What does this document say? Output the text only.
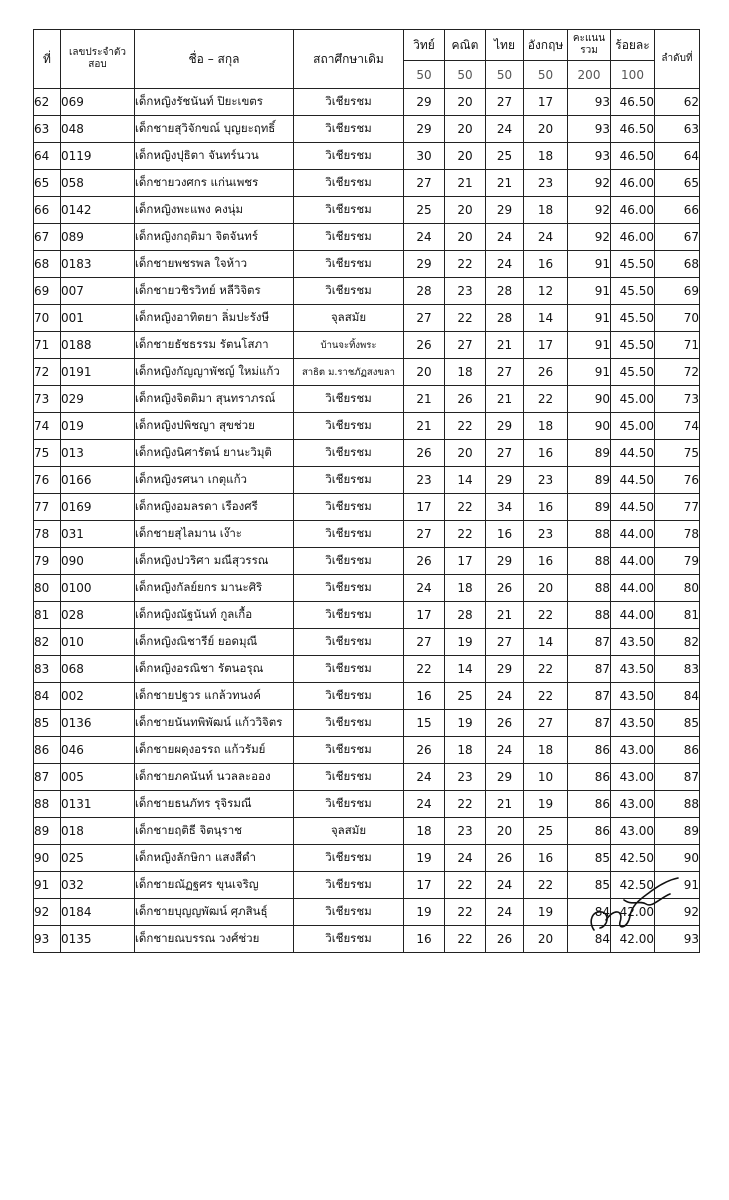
ที่	เลขประจำตัวสอบ	ชื่อ – สกุล	สถาศึกษาเดิม	วิทย์	คณิต	ไทย	อังกฤษ	คะแนนรวม	ร้อยละ	ลำดับที่
				50	50	50	50	200	100	
62	069	เด็กหญิงรัชนันท์ ปิยะเขตร	วิเชียรชม	29	20	27	17	93	46.50	62
63	048	เด็กชายสุวิจักขณ์ บุญยะฤทธิ์	วิเชียรชม	29	20	24	20	93	46.50	63
64	0119	เด็กหญิงปุธิตา จันทร์นวน	วิเชียรชม	30	20	25	18	93	46.50	64
65	058	เด็กชายวงศกร แก่นเพชร	วิเชียรชม	27	21	21	23	92	46.00	65
66	0142	เด็กหญิงพะแพง คงนุ่ม	วิเชียรชม	25	20	29	18	92	46.00	66
67	089	เด็กหญิงกฤติมา จิตจันทร์	วิเชียรชม	24	20	24	24	92	46.00	67
68	0183	เด็กชายพชรพล ใจห้าว	วิเชียรชม	29	22	24	16	91	45.50	68
69	007	เด็กชายวชิรวิทย์ หลีวิจิตร	วิเชียรชม	28	23	28	12	91	45.50	69
70	001	เด็กหญิงอาทิตยา ลิ่มปะรังษี	จุลสมัย	27	22	28	14	91	45.50	70
71	0188	เด็กชายธัชธรรม รัตนโสภา	บ้านจะทิ้งพระ	26	27	21	17	91	45.50	71
72	0191	เด็กหญิงกัญญาพัชญ์ ใหม่แก้ว	สาธิต ม.ราชภัฏสงขลา	20	18	27	26	91	45.50	72
73	029	เด็กหญิงจิตติมา สุนทราภรณ์	วิเชียรชม	21	26	21	22	90	45.00	73
74	019	เด็กหญิงปพิชญา สุขช่วย	วิเชียรชม	21	22	29	18	90	45.00	74
75	013	เด็กหญิงนิศารัตน์ ยานะวิมุติ	วิเชียรชม	26	20	27	16	89	44.50	75
76	0166	เด็กหญิงรศนา เกตุแก้ว	วิเชียรชม	23	14	29	23	89	44.50	76
77	0169	เด็กหญิงอมลรดา เรืองศรี	วิเชียรชม	17	22	34	16	89	44.50	77
78	031	เด็กชายสุไลมาน เง๊าะ	วิเชียรชม	27	22	16	23	88	44.00	78
79	090	เด็กหญิงปวริศา มณีสุวรรณ	วิเชียรชม	26	17	29	16	88	44.00	79
80	0100	เด็กหญิงกัลย์ยกร มานะศิริ	วิเชียรชม	24	18	26	20	88	44.00	80
81	028	เด็กหญิงณัฐนันท์ กูลเกื้อ	วิเชียรชม	17	28	21	22	88	44.00	81
82	010	เด็กหญิงณิชารีย์ ยอดมุณี	วิเชียรชม	27	19	27	14	87	43.50	82
83	068	เด็กหญิงอรณิชา รัตนอรุณ	วิเชียรชม	22	14	29	22	87	43.50	83
84	002	เด็กชายปฐวร แกล้วทนงค์	วิเชียรชม	16	25	24	22	87	43.50	84
85	0136	เด็กชายนันทพิพัฒน์ แก้ววิจิตร	วิเชียรชม	15	19	26	27	87	43.50	85
86	046	เด็กชายผดุงอรรถ แก้วรัมย์	วิเชียรชม	26	18	24	18	86	43.00	86
87	005	เด็กชายภคนันท์ นวลละออง	วิเชียรชม	24	23	29	10	86	43.00	87
88	0131	เด็กชายธนภัทร รุจิรมณี	วิเชียรชม	24	22	21	19	86	43.00	88
89	018	เด็กชายฤติธี จิตนุราช	จุลสมัย	18	23	20	25	86	43.00	89
90	025	เด็กหญิงลักษิกา แสงสีดำ	วิเชียรชม	19	24	26	16	85	42.50	90
91	032	เด็กชายณัฏฐศร ขุนเจริญ	วิเชียรชม	17	22	24	22	85	42.50	91
92	0184	เด็กชายบุญญพัฒน์ ศุภสินธุ์	วิเชียรชม	19	22	24	19	84	42.00	92
93	0135	เด็กชายณบรรณ วงศ์ช่วย	วิเชียรชม	16	22	26	20	84	42.00	93
